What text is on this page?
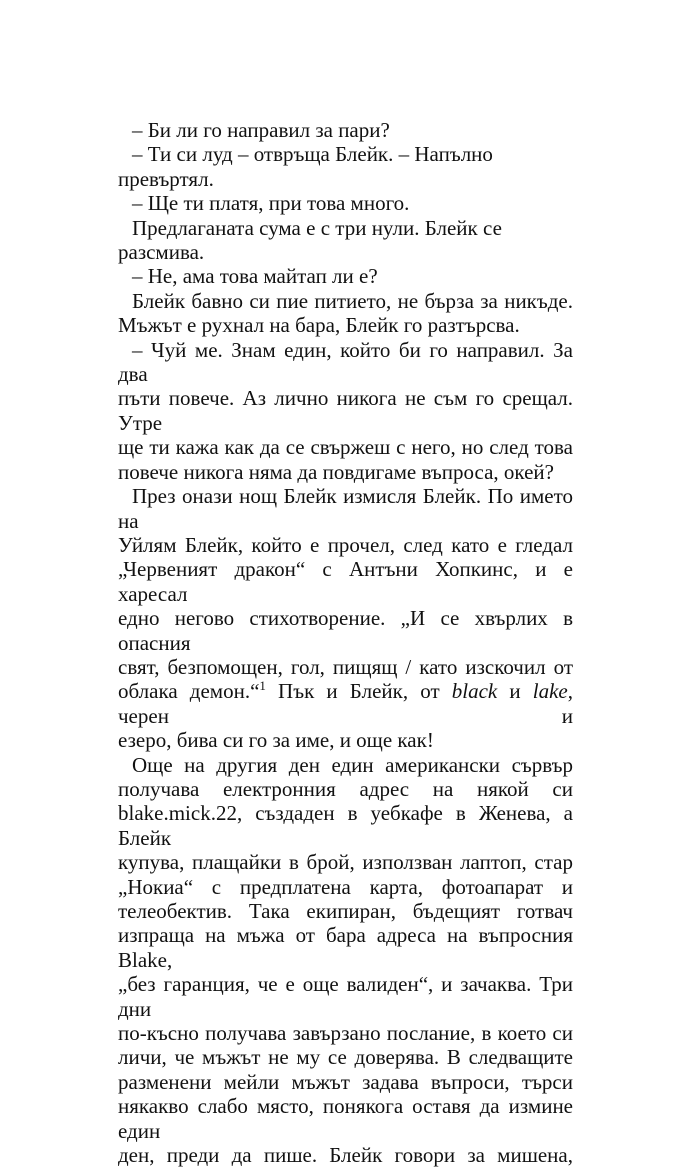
– Би ли го направил за пари?

– Ти си луд – отвръща Блейк. – Напълно превъртял.

– Ще ти платя, при това много.

Предлаганата сума е с три нули. Блейк се разсмива.

– Не, ама това майтап ли е?

Блейк бавно си пие питието, не бърза за никъде.
Мъжът е рухнал на бара, Блейк го разтърсва.

– Чуй ме. Знам един, който би го направил. За два
пъти повече. Аз лично никога не съм го срещал. Утре
ще ти кажа как да се свържеш с него, но след това
повече никога няма да повдигаме въпроса, окей?

През онази нощ Блейк измисля Блейк. По името на
Уйлям Блейк, който е прочел, след като е гледал
„Червеният дракон“ с Антъни Хопкинс, и е харесал
едно негово стихотворение. „И се хвърлих в опасния
свят, безпомощен, гол, пищящ / като изскочил от
облака демон.“$^1$ Пък и Блейк, от black и lake, черен и
езеро, бива си го за име, и още как!

Още на другия ден един американски сървър
получава електронния адрес на някой си
blake.mick.22, създаден в уебкафе в Женева, а Блейк
купува, плащайки в брой, използван лаптоп, стар
„Нокиа“ с предплатена карта, фотоапарат и
телеобектив. Така екипиран, бъдещият готвач
изпраща на мъжа от бара адреса на въпросния Blake,
„без гаранция, че е още валиден“, и зачаква. Три дни
по-късно получава завързано послание, в което си
личи, че мъжът не му се доверява. В следващите
разменени мейли мъжът задава въпроси, търси
някакво слабо място, понякога оставя да измине един
ден, преди да пише. Блейк говори за мишена,
